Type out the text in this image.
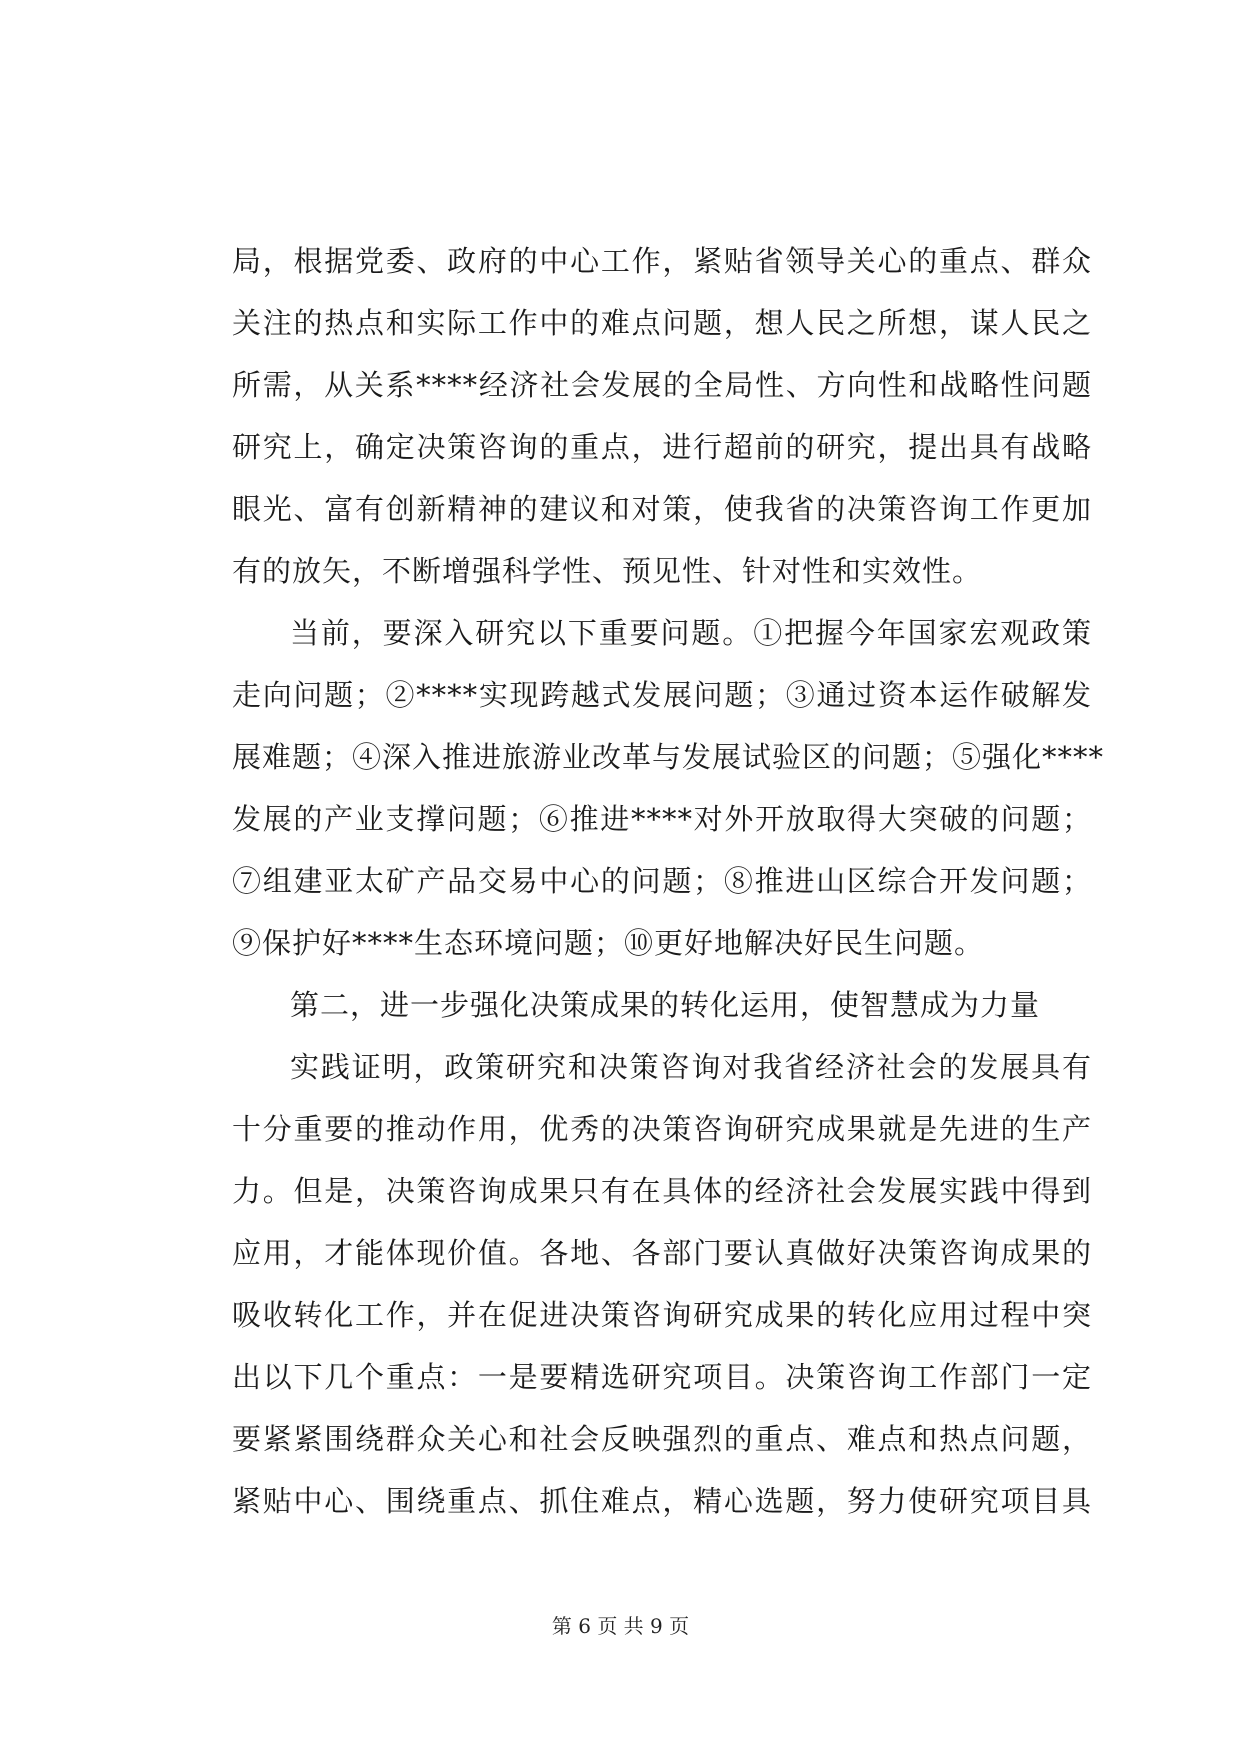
局，根据党委、政府的中心工作，紧贴省领导关心的重点、群众
关注的热点和实际工作中的难点问题，想人民之所想，谋人民之
所需，从关系****经济社会发展的全局性、方向性和战略性问题
研究上，确定决策咨询的重点，进行超前的研究，提出具有战略
眼光、富有创新精神的建议和对策，使我省的决策咨询工作更加
有的放矢，不断增强科学性、预见性、针对性和实效性。
当前，要深入研究以下重要问题。①把握今年国家宏观政策
走向问题；②****实现跨越式发展问题；③通过资本运作破解发
展难题；④深入推进旅游业改革与发展试验区的问题；⑤强化****
发展的产业支撑问题；⑥推进****对外开放取得大突破的问题；
⑦组建亚太矿产品交易中心的问题；⑧推进山区综合开发问题；
⑨保护好****生态环境问题；⑩更好地解决好民生问题。
第二，进一步强化决策成果的转化运用，使智慧成为力量
实践证明，政策研究和决策咨询对我省经济社会的发展具有
十分重要的推动作用，优秀的决策咨询研究成果就是先进的生产
力。但是，决策咨询成果只有在具体的经济社会发展实践中得到
应用，才能体现价值。各地、各部门要认真做好决策咨询成果的
吸收转化工作，并在促进决策咨询研究成果的转化应用过程中突
出以下几个重点：一是要精选研究项目。决策咨询工作部门一定
要紧紧围绕群众关心和社会反映强烈的重点、难点和热点问题，
紧贴中心、围绕重点、抓住难点，精心选题，努力使研究项目具
第 6 页 共 9 页
